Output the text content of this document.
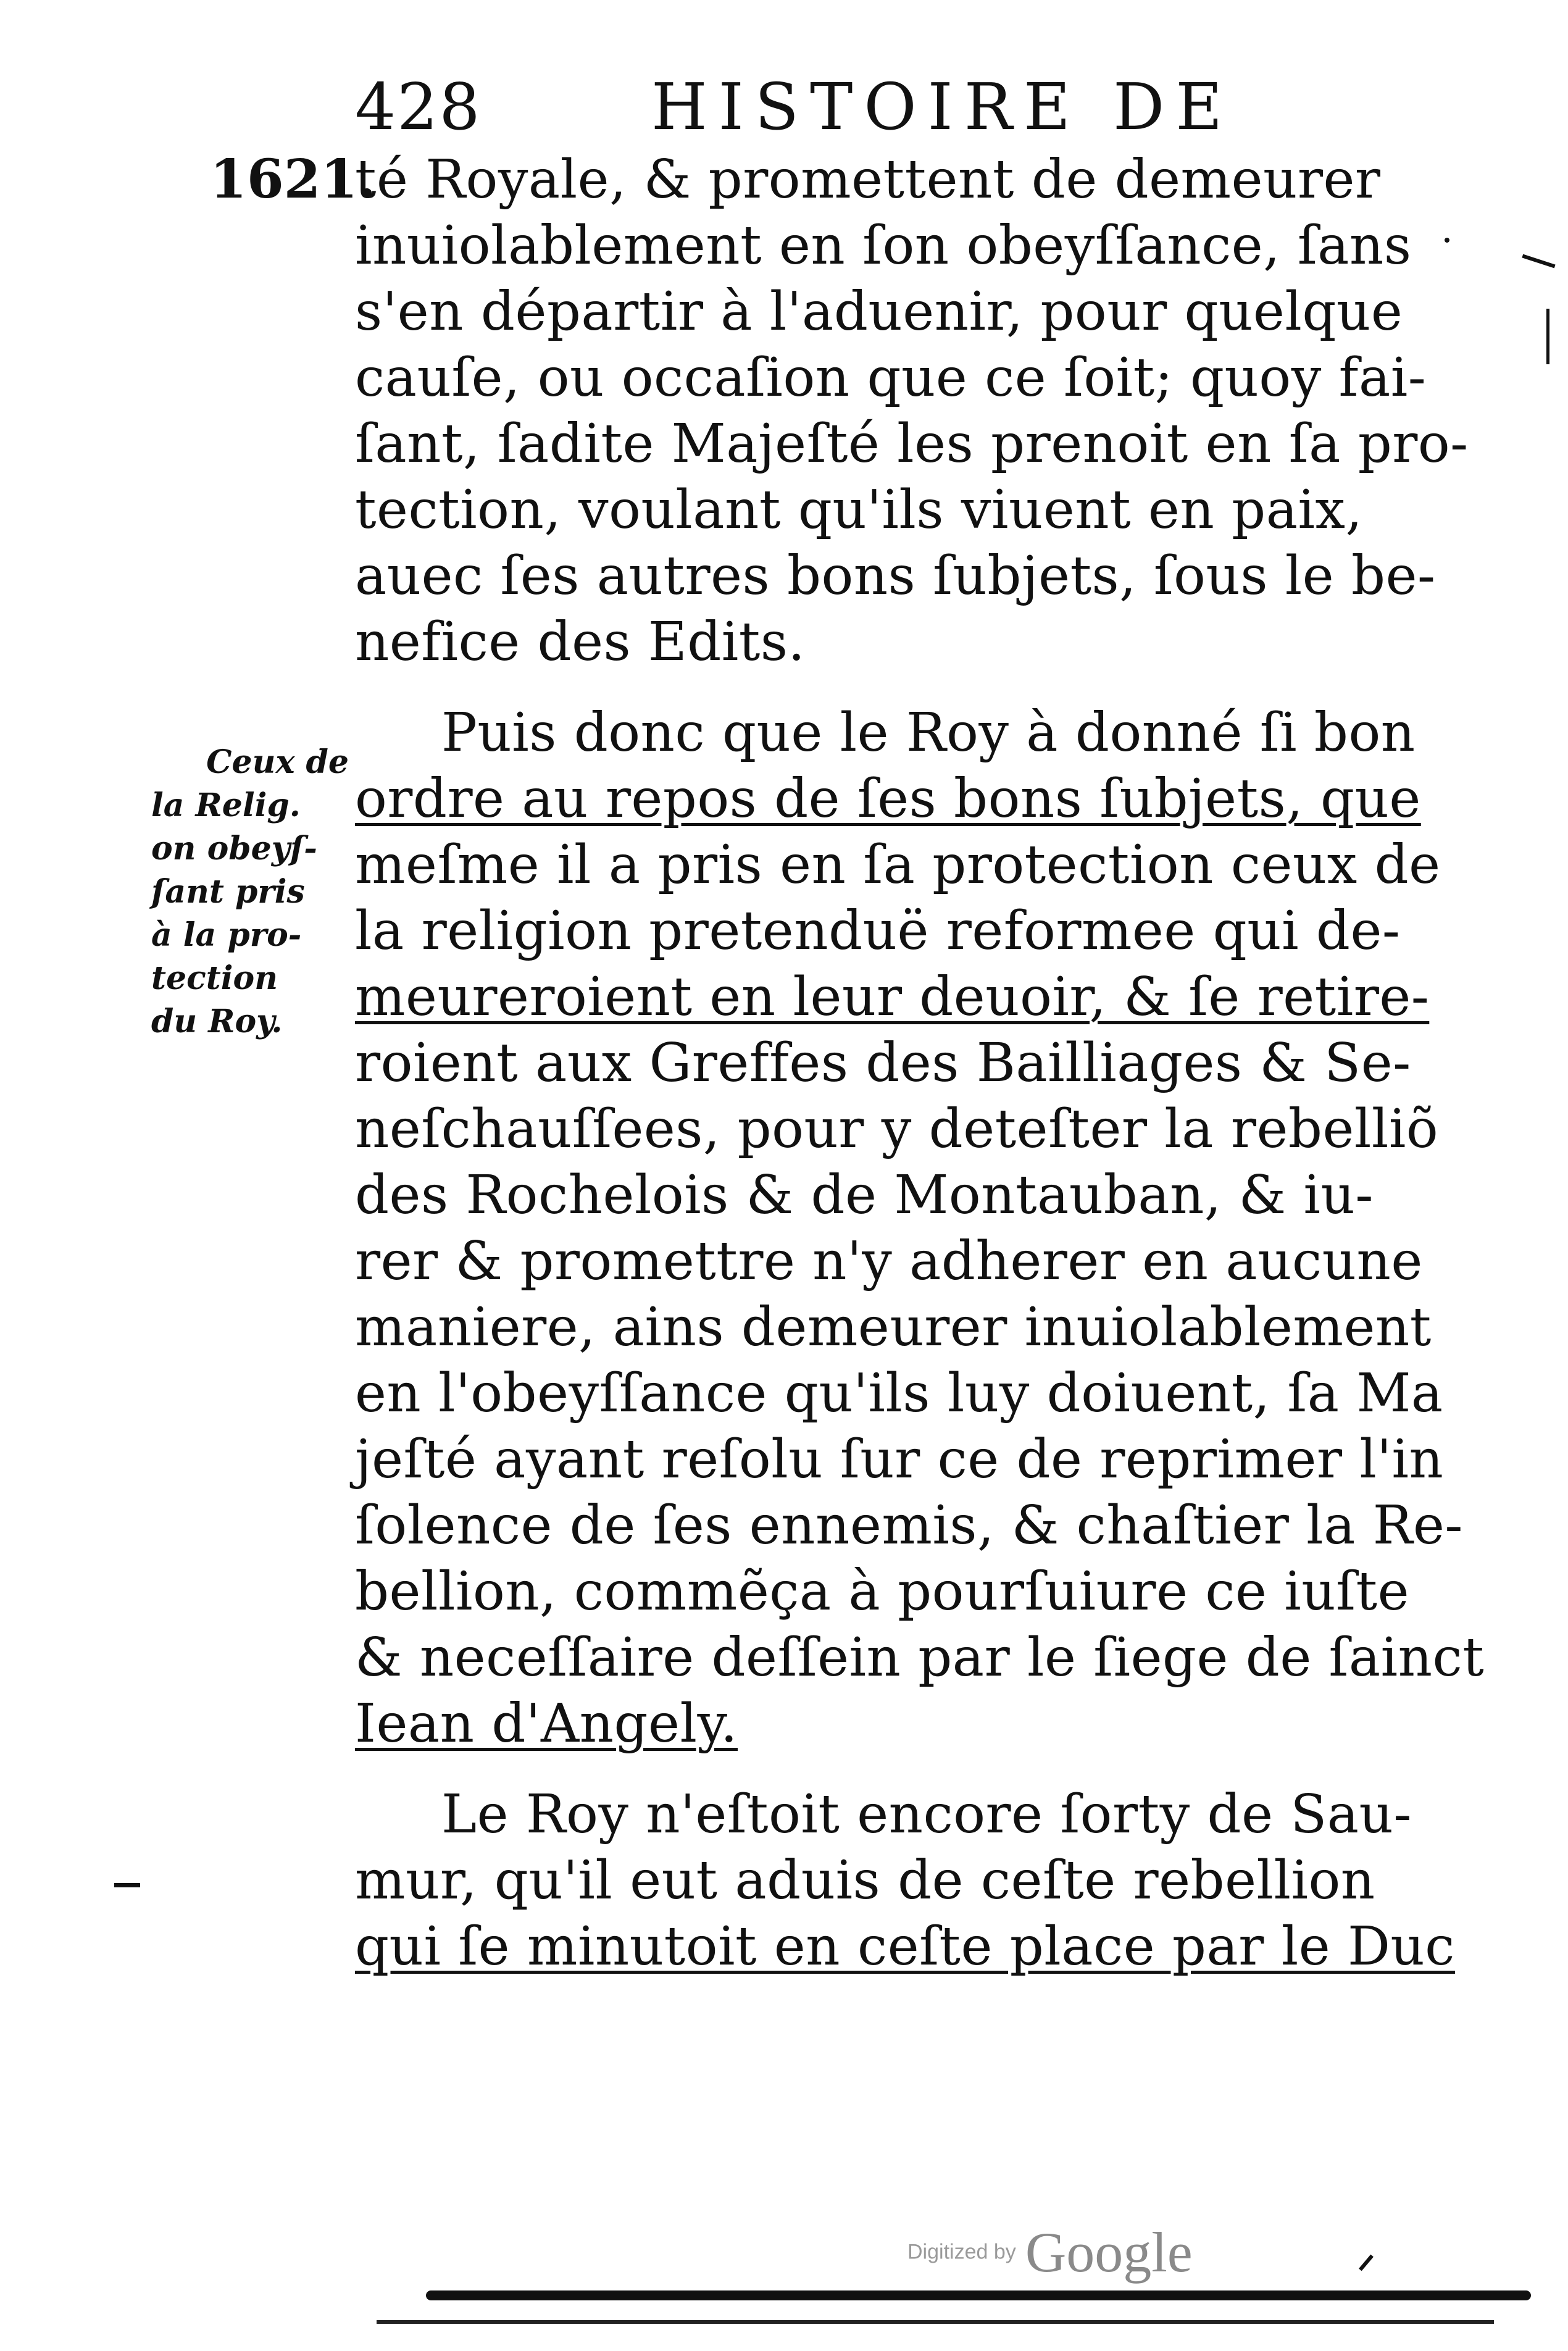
428	HISTOIRE DE
1621.
té Royale, & promettent de demeurer
inuiolablement en ſon obeyſſance, ſans
s'en départir à l'aduenir, pour quelque
cauſe, ou occaſion que ce ſoit; quoy fai-
ſant, ſadite Majeſté les prenoit en ſa pro-
tection, voulant qu'ils viuent en paix,
auec ſes autres bons ſubjets, ſous le be-
nefice des Edits.
Puis donc que le Roy à donné ſi bon
ordre au repos de ſes bons ſubjets, que
meſme il a pris en ſa protection ceux de
la religion pretenduë reformee qui de-
meureroient en leur deuoir, & ſe retire-
roient aux Greffes des Bailliages & Se-
neſchauſſees, pour y deteſter la rebelliõ
des Rochelois & de Montauban, & iu-
rer & promettre n'y adherer en aucune
maniere, ains demeurer inuiolablement
en l'obeyſſance qu'ils luy doiuent, ſa Ma
jeſté ayant reſolu ſur ce de reprimer l'in
ſolence de ſes ennemis, & chaſtier la Re-
bellion, commẽça à pourſuiure ce iuſte
& neceſſaire deſſein par le ſiege de ſainct
Iean d'Angely.
Le Roy n'eſtoit encore ſorty de Sau-
mur, qu'il eut aduis de ceſte rebellion
qui ſe minutoit en ceſte place par le Duc
Ceux de
la Relig.
on obeyſ-
ſant pris
à la pro-
tection
du Roy.
Digitized by Google
